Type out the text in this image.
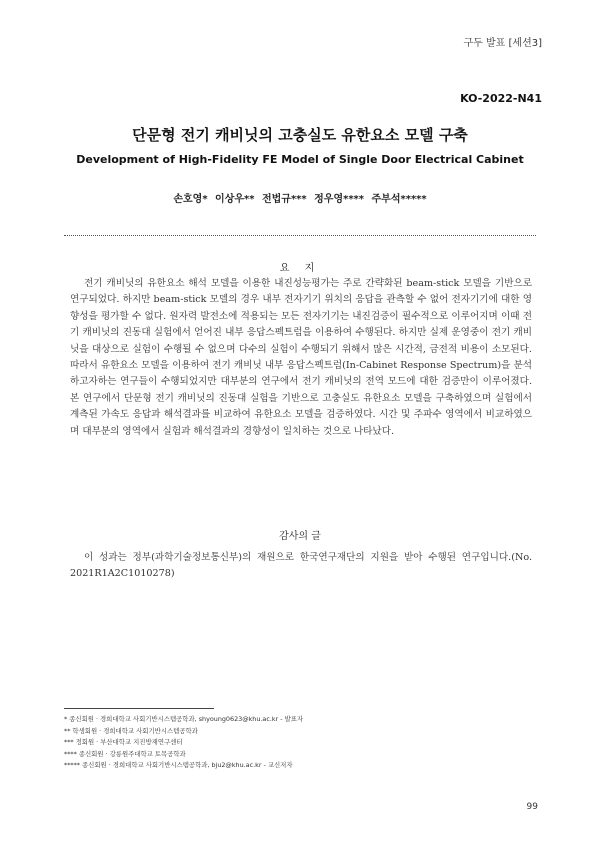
구두 발표 [세션3]
KO-2022-N41
단문형 전기 캐비닛의 고충실도 유한요소 모델 구축
Development of High-Fidelity FE Model of Single Door Electrical Cabinet
손호영* 이상우** 전법규*** 정우영**** 주부석*****
요 지

전기 캐비닛의 유한요소 해석 모델을 이용한 내진성능평가는 주로 간략화된 beam-stick 모델을 기반으로 연구되었다. 하지만 beam-stick 모델의 경우 내부 전자기기 위치의 응답을 관측할 수 없어 전자기기에 대한 영향성을 평가할 수 없다. 원자력 발전소에 적용되는 모든 전자기기는 내진검증이 필수적으로 이루어지며 이때 전기 캐비닛의 진동대 실험에서 얻어진 내부 응답스펙트럼을 이용하여 수행된다. 하지만 실제 운영중이 전기 캐비닛을 대상으로 실험이 수행될 수 없으며 다수의 실험이 수행되기 위해서 많은 시간적, 금전적 비용이 소모된다. 따라서 유한요소 모델을 이용하여 전기 캐비닛 내부 응답스펙트럼(In-Cabinet Response Spectrum)을 분석하고자하는 연구들이 수행되었지만 대부분의 연구에서 전기 캐비닛의 전역 모드에 대한 검증만이 이루어졌다. 본 연구에서 단문형 전기 캐비닛의 진동대 실험을 기반으로 고충실도 유한요소 모델을 구축하였으며 실험에서 계측된 가속도 응답과 해석결과를 비교하여 유한요소 모델을 검증하였다. 시간 및 주파수 영역에서 비교하였으며 대부분의 영역에서 실험과 해석결과의 경향성이 일치하는 것으로 나타났다.

감사의 글

이 성과는 정부(과학기술정보통신부)의 재원으로 한국연구재단의 지원을 받아 수행된 연구입니다.(No. 2021R1A2C1010278)

* 종신회원 · 경희대학교 사회기반시스템공학과, shyoung0623@khu.ac.kr - 발표자
** 학생회원 · 경희대학교 사회기반시스템공학과
*** 정회원 · 부산대학교 지진방재연구센터
**** 종신회원 · 강릉원주대학교 토목공학과
***** 종신회원 · 경희대학교 사회기반시스템공학과, bju2@khu.ac.kr - 교신저자
99
